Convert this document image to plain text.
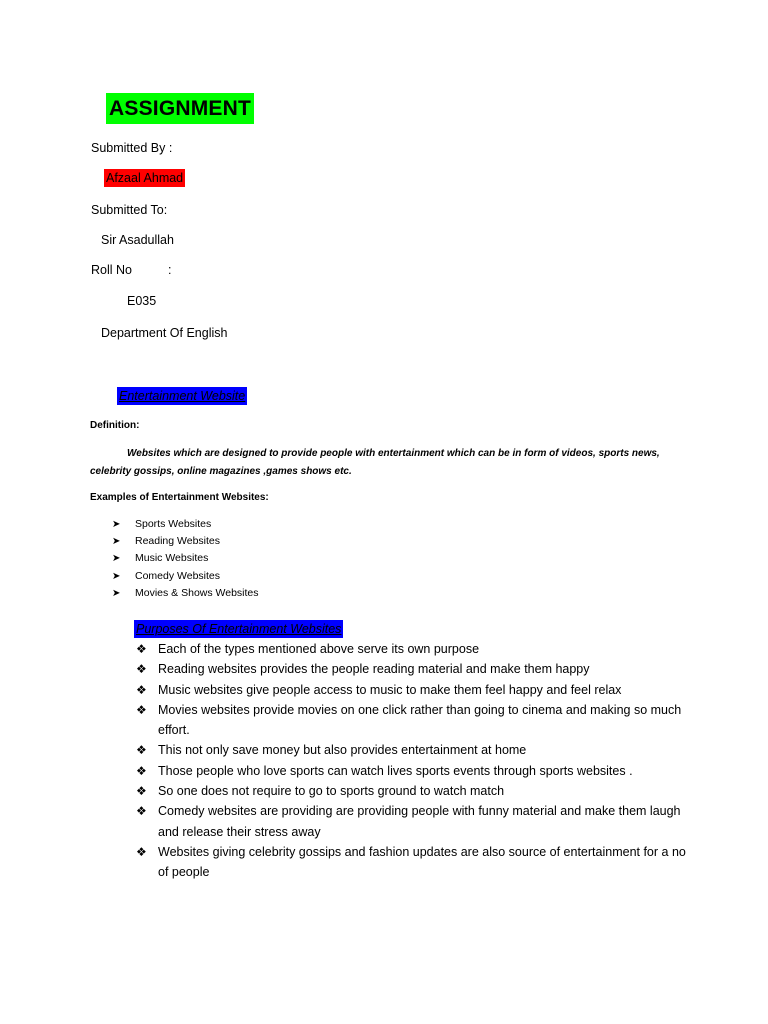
ASSIGNMENT
Submitted By :
Afzaal Ahmad
Submitted To:
Sir Asadullah
Roll No	:
E035
Department Of English
Entertainment Website
Definition:
Websites which are designed to provide people with entertainment which can be in form of videos, sports news, celebrity gossips, online magazines ,games shows etc.
Examples of Entertainment Websites:
➤ Sports Websites
➤ Reading Websites
➤ Music Websites
➤ Comedy Websites
➤ Movies & Shows Websites
Purposes Of Entertainment Websites
❖ Each of the types mentioned above serve its own purpose
❖ Reading websites provides the people reading material and make them happy
❖ Music websites give people access to music to make them feel happy and feel relax
❖ Movies websites provide movies on one click rather than going to cinema and making so much effort.
❖ This not only save money but also provides entertainment at home
❖ Those people who love sports can watch lives sports events through sports websites .
❖ So one does not require to go to sports ground to watch match
❖ Comedy websites are providing are providing people with funny material and make them laugh and release their stress away
❖ Websites giving celebrity gossips and fashion updates are also source of entertainment for a no of people
